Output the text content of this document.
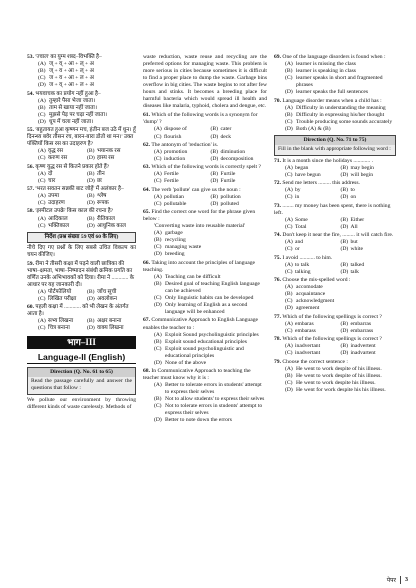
53. 'ज्वाल' का युग्म शब्द–विभक्ति है–
(A) ज् + व् + आ + ल् + अ
(B) ज् + व + आ + ल् + अ
(C) ज + व + आ + ल + अ
(D) ज + व् + आ + ल + अ
54. भयवाचक का प्रयोग नहीं हुआ है–
(A) तुम्हारे पैसा भेजा जाता।
(B) ताम से खाया नहीं जाता।
(C) मुझसे पेड़ पर चढ़ा नहीं जाता।
(D) धूप में चला नहीं जाता।
55. 'बहुतायत हुआ कृष्णन मच, हंतीन बज उठे में धुन। हूँ दिनन्ध्य बवेर तौसन रच, बारन-बारा डोतो था मन।' उक्त पंक्तियों किस रस का उदाहरण है?
(A) वृद्ध रस	(B) भयानक रस
(C) करुण रस	(D) हास्य रस
56. कृष्ण युद्ध रस से कितने प्रकार होते हैं?
(A) दो	(B) तीन
(C) चार	(D) छः
57. 'भरत सवतन सन्नकी बाट जोहें' में अलंकार है–
(A) उपमा	(B) श्लेष
(C) उदाहरण	(D) रूपक
58. 'इस्पीटल उपक्रे' किस काल की रचना है?
(A) आदिकाल	(B) रीतिकाल
(C) भक्तिकाल	(D) आधुनिक काल
निर्देश (प्रश्न संख्या 59 एवं 60 के लिए)
नीचे दिए गए प्रश्नों के लिए सबसे उचित विकल्प का चयन कीजिए।
59. रीमा ने तीसरी कक्षा में पढ़ने वाली छात्रिका की भाषा–क्षमता, भाषा–निष्पादन संबंधी क्रमिक प्रगति का वर्णित उनके अभिभावकों को दिया। रीमा ने ............ के आधार पर यह जानकारी दी।
(A) पोर्टफोलियो	(B) जाँच सूची
(C) लिखित परीक्षा (D) अवलोकन
60. पहली कक्षा में ............ को भी लेखन के अंतर्गत आता है।
(A) सभ्य लिखना (B) अक्षर बनाना
(C) चित्र बनाना	(D) वाक्य लिखना
भाग–III
Language-II (English)
Direction (Q. No. 61 to 65)
Read the passage carefully and answer the questions that follow :
We pollute our environment by throwing different kinds of waste carelessly. Methods of
waste reduction, waste reuse and recycling are the preferred options for managing waste. This problem is more serious in cities because sometimes it is difficult to find a proper place to dump the waste. Garbage bins overflow in big cities. The waste begins to rot after few hours and stinks. It becomes a breeding place for harmful bacteria which would spread ill health and diseases like malaria, typhoid, cholera and dengue, etc.
61. Which of the following words is a synonym for 'dump' ?
(A) dispose of	(B) cater
(C) flourish	(D) deck
62. The antonym of 'reduction' is.
(A) promotion	(B) diminution
(C) induction	(D) decomposition
63. Which of the following words is correctly spelt ?
(A) Fertile	(B) Furtile
(C) Fertile	(D) Furtile
64. The verb 'pollute' can give us the noun :
(A) pollutian	(B) pollution
(C) pollutable	(D) polluted
65. Find the correct one word for the phrase given below :
'Converting waste into reusable material'
(A) garbage
(B) recycling
(C) managing waste
(D) breeding
66. Taking into account the principles of language teaching.
(A) Teaching can be difficult
(B) Desired goal of teaching English language can be achieved
(C) Only linguistic habits can be developed
(D) Only learning of English as a second language will be enhanced
67. Communicative Approach to English Language enables the teacher to :
(A) Exploit Sound psycholinguistic principles
(B) Exploit sound educational principles
(C) Exploit sound psycholinguistic and educational principles
(D) None of the above
68. In Communicative Approach to teaching the teacher must know why it is :
(A) Better to tolerate errors in students' attempt to express their selves
(B) Not to allow students' to express their selves
(C) Not to tolerate errors in students' attempt to express their selves
(D) Better to note down the errors
69. One of the language disorders is found when :
(A) learner is missing the class
(B) learner is speaking in class
(C) learner speaks in short and fragmented phrases
(D) learner speaks the full sentences
70. Language disorder means when a child has :
(A) Difficulty in understanding the meaning
(B) Difficulty in expressing his/her thought
(C) Trouble producing some sounds accurately
(D) Both (A) & (B)
Direction (Q. No. 71 to 75)
Fill in the blank with appropriate following word :
71. It is a month since the holidays ............ .
(A) began	(B) may begin
(C) have begun	(D) will begin
72. Send me letters ......... this address.
(A) by	(B) to
(C) in	(D) on
73. ........ my money has been spent, there is nothing left.
(A) Some	(B) Either
(C) Total	(D) All
74. Don't keep it near the fire, ......... it will catch fire.
(A) and	(B) but
(C) or	(D) white
75. I avoid ........... to him.
(A) to talk	(B) talked
(C) talking	(D) talk
76. Choose the mis-spelled word :
(A) accomodate
(B) acquaintance
(C) acknowledgment
(D) agreement
77. Which of the following spellings is correct ?
(A) embaras	(B) embarras
(C) embarass	(D) embarrass
78. Which of the following spellings is correct ?
(A) inadvertant	(B) inadvertent
(C) inadvertant	(D) inadvartent
79. Choose the correct sentence :
(A) He went to work despite of his illness.
(B) He went to work despite of his illness.
(C) He went to work despite his illness.
(D) He went for work despite his his illness.
पेपर 3
